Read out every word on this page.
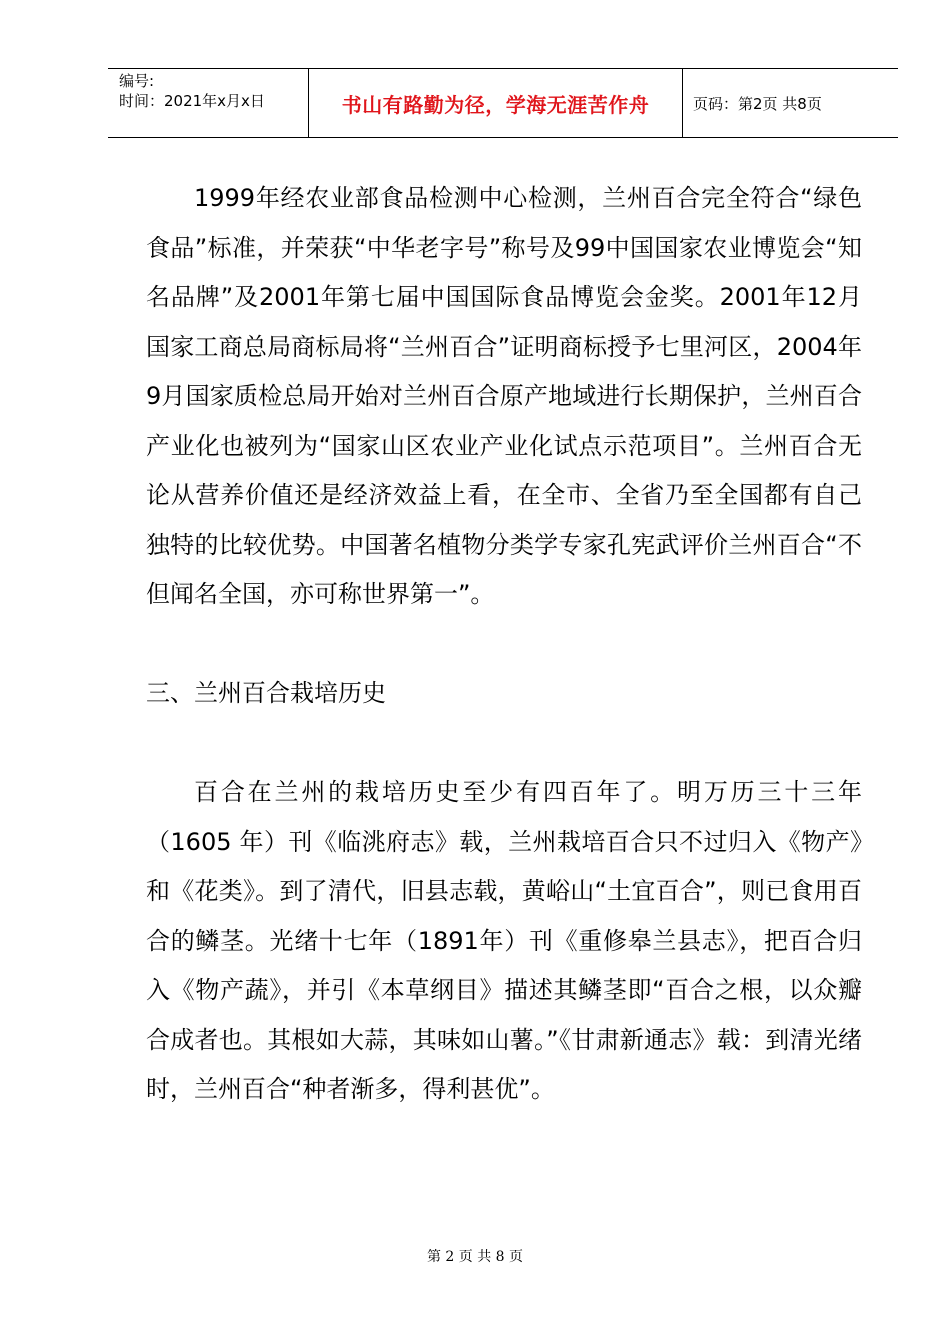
编号:
时间：2021年x月x日	书山有路勤为径，学海无涯苦作舟	页码：第2页 共8页

1999年经农业部食品检测中心检测，兰州百合完全符合“绿色食品”标准，并荣获“中华老字号”称号及99中国国家农业博览会“知名品牌”及2001年第七届中国国际食品博览会金奖。2001年12月国家工商总局商标局将“兰州百合”证明商标授予七里河区，2004年9月国家质检总局开始对兰州百合原产地域进行长期保护，兰州百合产业化也被列为“国家山区农业产业化试点示范项目”。兰州百合无论从营养价值还是经济效益上看，在全市、全省乃至全国都有自己独特的比较优势。中国著名植物分类学专家孔宪武评价兰州百合“不但闻名全国，亦可称世界第一”。

三、兰州百合栽培历史

百合在兰州的栽培历史至少有四百年了。明万历三十三年（1605 年）刊《临洮府志》载，兰州栽培百合只不过归入《物产》和《花类》。到了清代，旧县志载，黄峪山“土宜百合”，则已食用百合的鳞茎。光绪十七年（1891年）刊《重修皋兰县志》，把百合归入《物产蔬》，并引《本草纲目》描述其鳞茎即“百合之根，以众瓣合成者也。其根如大蒜，其味如山薯。”《甘肃新通志》载：到清光绪时，兰州百合“种者渐多，得利甚优”。

第 2 页 共 8 页
